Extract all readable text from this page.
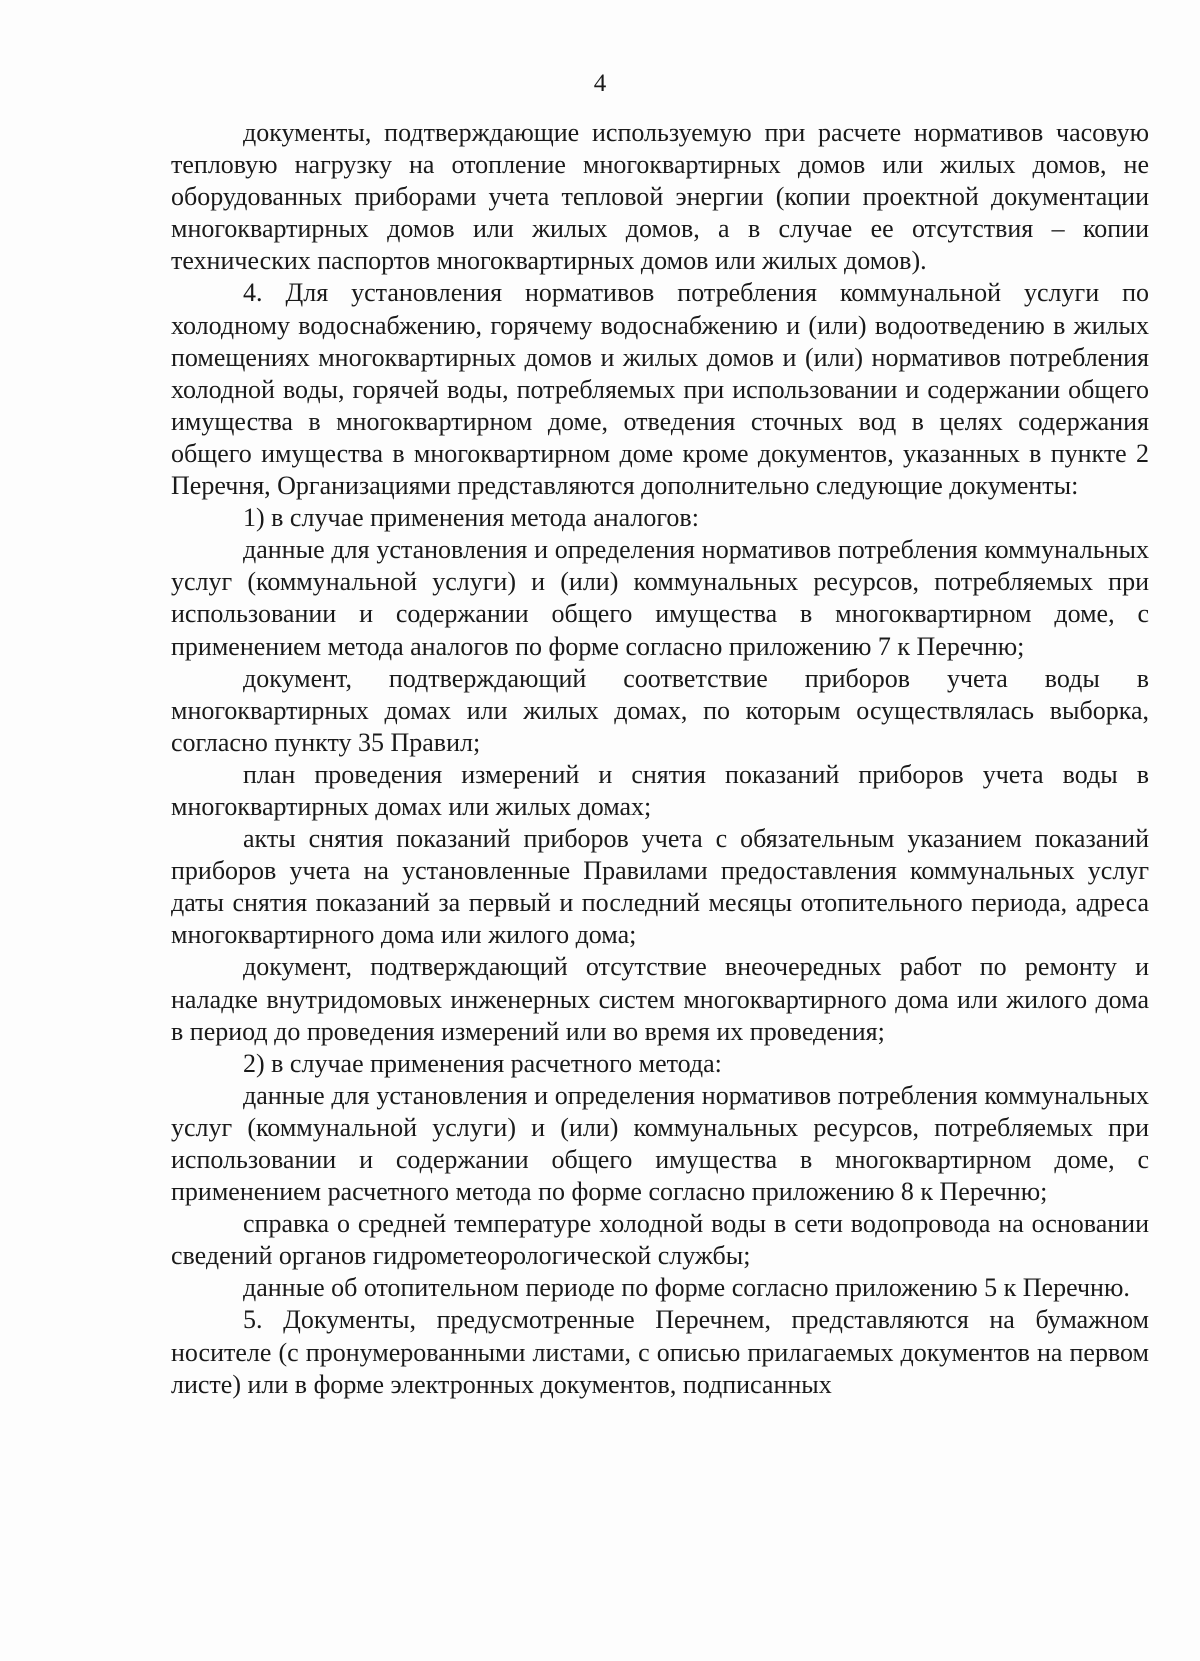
4

документы, подтверждающие используемую при расчете нормативов часовую тепловую нагрузку на отопление многоквартирных домов или жилых домов, не оборудованных приборами учета тепловой энергии (копии проектной документации многоквартирных домов или жилых домов, а в случае ее отсутствия – копии технических паспортов многоквартирных домов или жилых домов).

4. Для установления нормативов потребления коммунальной услуги по холодному водоснабжению, горячему водоснабжению и (или) водоотведению в жилых помещениях многоквартирных домов и жилых домов и (или) нормативов потребления холодной воды, горячей воды, потребляемых при использовании и содержании общего имущества в многоквартирном доме, отведения сточных вод в целях содержания общего имущества в многоквартирном доме кроме документов, указанных в пункте 2 Перечня, Организациями представляются дополнительно следующие документы:

1) в случае применения метода аналогов:

данные для установления и определения нормативов потребления коммунальных услуг (коммунальной услуги) и (или) коммунальных ресурсов, потребляемых при использовании и содержании общего имущества в многоквартирном доме, с применением метода аналогов по форме согласно приложению 7 к Перечню;

документ, подтверждающий соответствие приборов учета воды в многоквартирных домах или жилых домах, по которым осуществлялась выборка, согласно пункту 35 Правил;

план проведения измерений и снятия показаний приборов учета воды в многоквартирных домах или жилых домах;

акты снятия показаний приборов учета с обязательным указанием показаний приборов учета на установленные Правилами предоставления коммунальных услуг даты снятия показаний за первый и последний месяцы отопительного периода, адреса многоквартирного дома или жилого дома;

документ, подтверждающий отсутствие внеочередных работ по ремонту и наладке внутридомовых инженерных систем многоквартирного дома или жилого дома в период до проведения измерений или во время их проведения;

2) в случае применения расчетного метода:

данные для установления и определения нормативов потребления коммунальных услуг (коммунальной услуги) и (или) коммунальных ресурсов, потребляемых при использовании и содержании общего имущества в многоквартирном доме, с применением расчетного метода по форме согласно приложению 8 к Перечню;

справка о средней температуре холодной воды в сети водопровода на основании сведений органов гидрометеорологической службы;

данные об отопительном периоде по форме согласно приложению 5 к Перечню.

5. Документы, предусмотренные Перечнем, представляются на бумажном носителе (с пронумерованными листами, с описью прилагаемых документов на первом листе) или в форме электронных документов, подписанных
